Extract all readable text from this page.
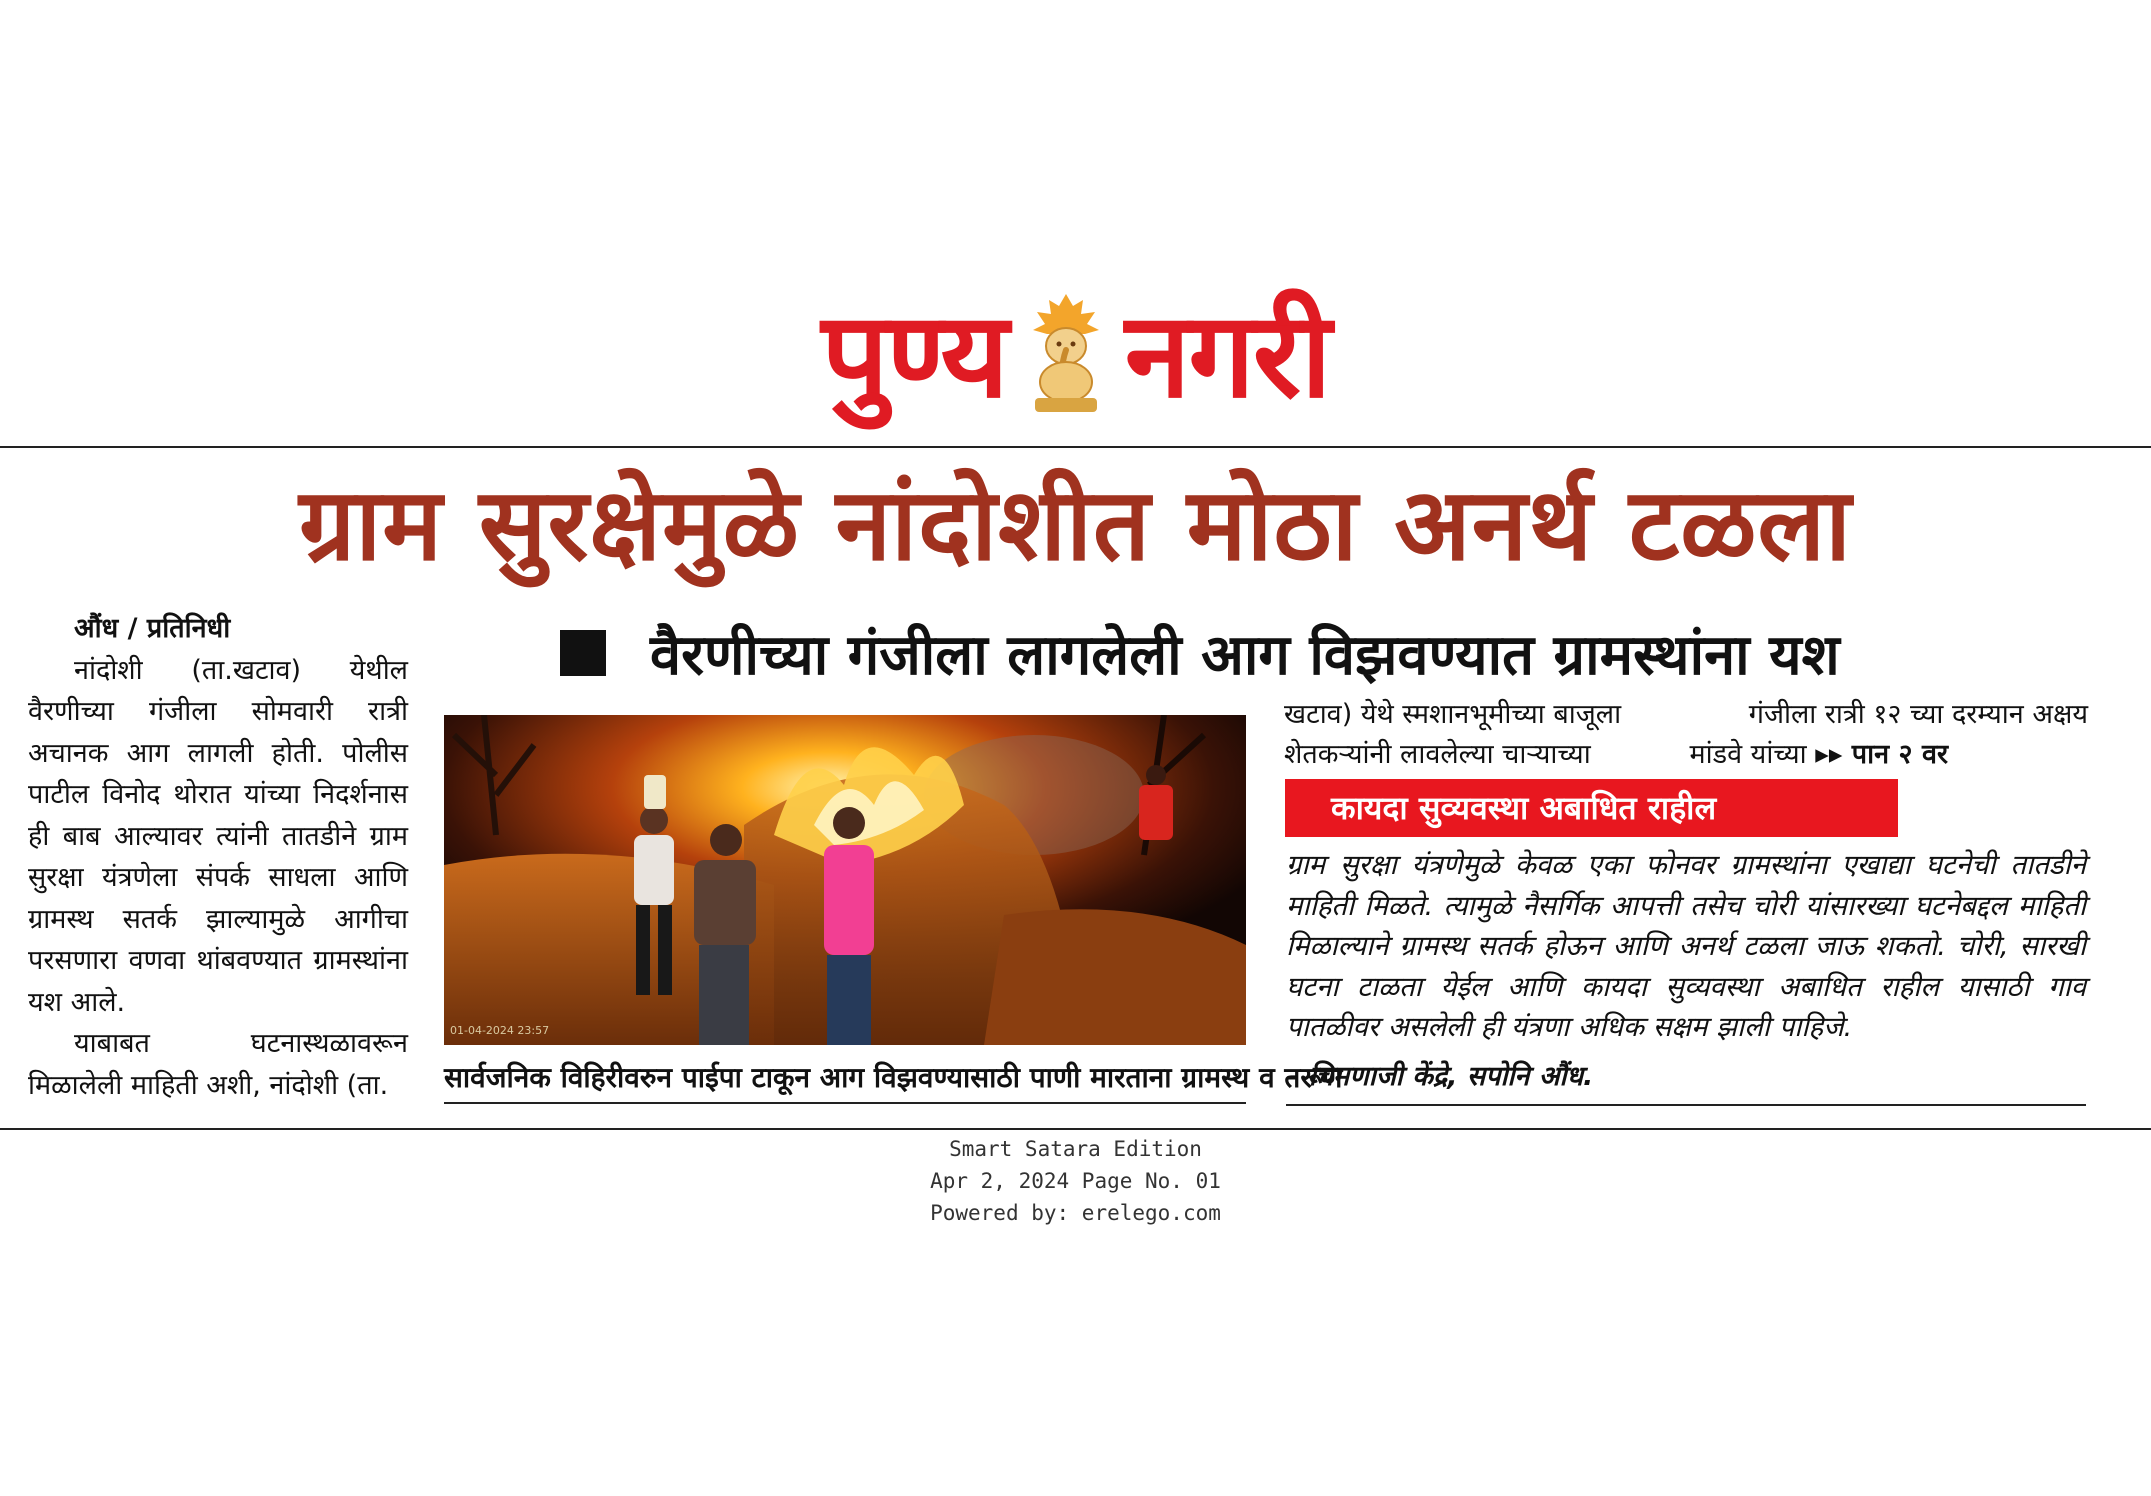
पुण्य नगरी
ग्राम सुरक्षेमुळे नांदोशीत मोठा अनर्थ टळला
वैरणीच्या गंजीला लागलेली आग विझवण्यात ग्रामस्थांना यश
औंध / प्रतिनिधी
नांदोशी (ता.खटाव) येथील वैरणीच्या गंजीला सोमवारी रात्री अचानक आग लागली होती. पोलीस पाटील विनोद थोरात यांच्या निदर्शनास ही बाब आल्यावर त्यांनी तातडीने ग्राम सुरक्षा यंत्रणेला संपर्क साधला आणि ग्रामस्थ सतर्क झाल्यामुळे आगीचा परसणारा वणवा थांबवण्यात ग्रामस्थांना यश आले.
याबाबत घटनास्थळावरून मिळालेली माहिती अशी, नांदोशी (ता.
01-04-2024 23:57
सार्वजनिक विहिरीवरुन पाईपा टाकून आग विझवण्यासाठी पाणी मारताना ग्रामस्थ व तरूण
खटाव) येथे स्मशानभूमीच्या बाजूला	गंजीला रात्री १२ च्या दरम्यान अक्षय
शेतकऱ्यांनी लावलेल्या चाऱ्याच्या	मांडवे यांच्या ▸▸ पान २ वर
कायदा सुव्यवस्था अबाधित राहील
ग्राम सुरक्षा यंत्रणेमुळे केवळ एका फोनवर ग्रामस्थांना एखाद्या घटनेची तातडीने माहिती मिळते. त्यामुळे नैसर्गिक आपत्ती तसेच चोरी यांसारख्या घटनेबद्दल माहिती मिळाल्याने ग्रामस्थ सतर्क होऊन आणि अनर्थ टळला जाऊ शकतो. चोरी, सारखी घटना टाळता येईल आणि कायदा सुव्यवस्था अबाधित राहील यासाठी गाव पातळीवर असलेली ही यंत्रणा अधिक सक्षम झाली पाहिजे.
– चिमणाजी केंद्रे, सपोनि औंध.
Smart Satara Edition
Apr 2, 2024 Page No. 01
Powered by: erelego.com
